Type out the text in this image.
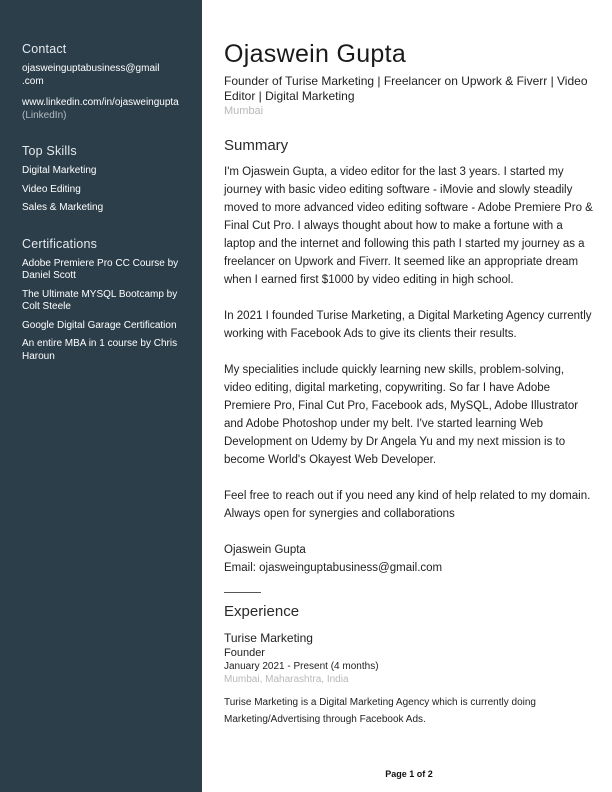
Contact

ojasweinguptabusiness@gmail

.com

www.linkedin.com/in/ojasweingupta

(LinkedIn)

Top Skills

Digital Marketing

Video Editing

Sales & Marketing

Certifications

Adobe Premiere Pro CC Course by Daniel Scott

The Ultimate MYSQL Bootcamp by Colt Steele

Google Digital Garage Certification

An entire MBA in 1 course by Chris Haroun

Ojaswein Gupta

Founder of Turise Marketing | Freelancer on Upwork & Fiverr | Video Editor | Digital Marketing

Mumbai

Summary

I'm Ojaswein Gupta, a video editor for the last 3 years. I started my journey with basic video editing software - iMovie and slowly steadily moved to more advanced video editing software - Adobe Premiere Pro & Final Cut Pro. I always thought about how to make a fortune with a laptop and the internet and following this path I started my journey as a freelancer on Upwork and Fiverr. It seemed like an appropriate dream when I earned first $1000 by video editing in high school.

In 2021 I founded Turise Marketing, a Digital Marketing Agency currently working with Facebook Ads to give its clients their results.

My specialities include quickly learning new skills, problem-solving, video editing, digital marketing, copywriting. So far I have Adobe Premiere Pro, Final Cut Pro, Facebook ads, MySQL, Adobe Illustrator and Adobe Photoshop under my belt. I've started learning Web Development on Udemy by Dr Angela Yu and my next mission is to become World's Okayest Web Developer.

Feel free to reach out if you need any kind of help related to my domain. Always open for synergies and collaborations

Ojaswein Gupta

Email: ojasweinguptabusiness@gmail.com

Experience

Turise Marketing

Founder

January 2021 - Present (4 months)

Mumbai, Maharashtra, India

Turise Marketing is a Digital Marketing Agency which is currently doing Marketing/Advertising through Facebook Ads.

Page 1 of 2
